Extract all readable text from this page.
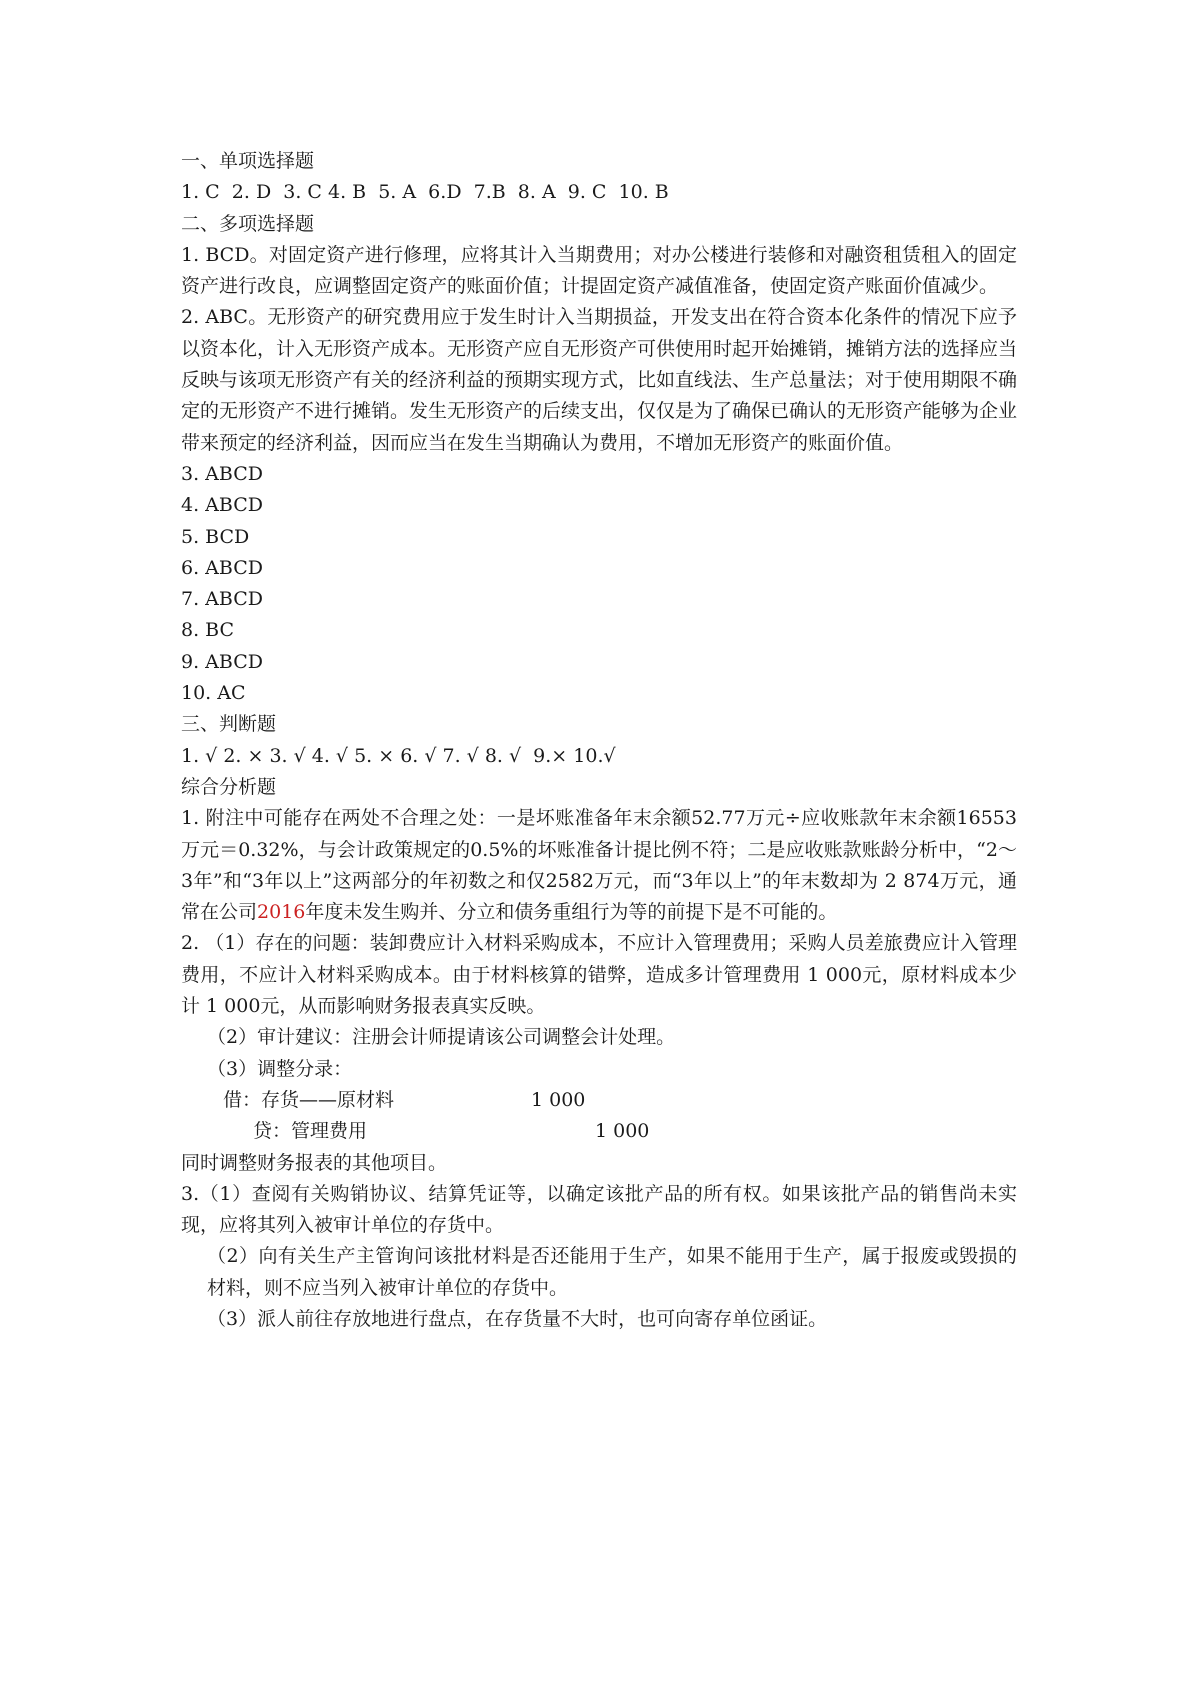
一、单项选择题
1. C  2. D  3. C 4. B  5. A  6.D  7.B  8. A  9. C  10. B
二、多项选择题
1. BCD。对固定资产进行修理，应将其计入当期费用；对办公楼进行装修和对融资租赁租入的固定资产进行改良，应调整固定资产的账面价值；计提固定资产减值准备，使固定资产账面价值减少。
2. ABC。无形资产的研究费用应于发生时计入当期损益，开发支出在符合资本化条件的情况下应予以资本化，计入无形资产成本。无形资产应自无形资产可供使用时起开始摊销，摊销方法的选择应当反映与该项无形资产有关的经济利益的预期实现方式，比如直线法、生产总量法；对于使用期限不确定的无形资产不进行摊销。发生无形资产的后续支出，仅仅是为了确保已确认的无形资产能够为企业带来预定的经济利益，因而应当在发生当期确认为费用，不增加无形资产的账面价值。
3. ABCD
4. ABCD
5. BCD
6. ABCD
7. ABCD
8. BC
9. ABCD
10. AC
三、判断题
1. √ 2. × 3. √ 4. √ 5. × 6. √ 7. √ 8. √  9.× 10.√
综合分析题
1. 附注中可能存在两处不合理之处：一是坏账准备年末余额52.77万元÷应收账款年末余额16553万元＝0.32%，与会计政策规定的0.5%的坏账准备计提比例不符；二是应收账款账龄分析中，“2～3年”和“3年以上”这两部分的年初数之和仅2582万元，而“3年以上”的年末数却为 2 874万元，通常在公司2016年度未发生购并、分立和债务重组行为等的前提下是不可能的。
2. （1）存在的问题：装卸费应计入材料采购成本，不应计入管理费用；采购人员差旅费应计入管理费用，不应计入材料采购成本。由于材料核算的错弊，造成多计管理费用 1 000元，原材料成本少计 1 000元，从而影响财务报表真实反映。
（2）审计建议：注册会计师提请该公司调整会计处理。
（3）调整分录：
借：存货——原材料	1 000
贷：管理费用	1 000
同时调整财务报表的其他项目。
3.（1）查阅有关购销协议、结算凭证等，以确定该批产品的所有权。如果该批产品的销售尚未实现，应将其列入被审计单位的存货中。
（2）向有关生产主管询问该批材料是否还能用于生产，如果不能用于生产，属于报废或毁损的材料，则不应当列入被审计单位的存货中。
（3）派人前往存放地进行盘点，在存货量不大时，也可向寄存单位函证。
